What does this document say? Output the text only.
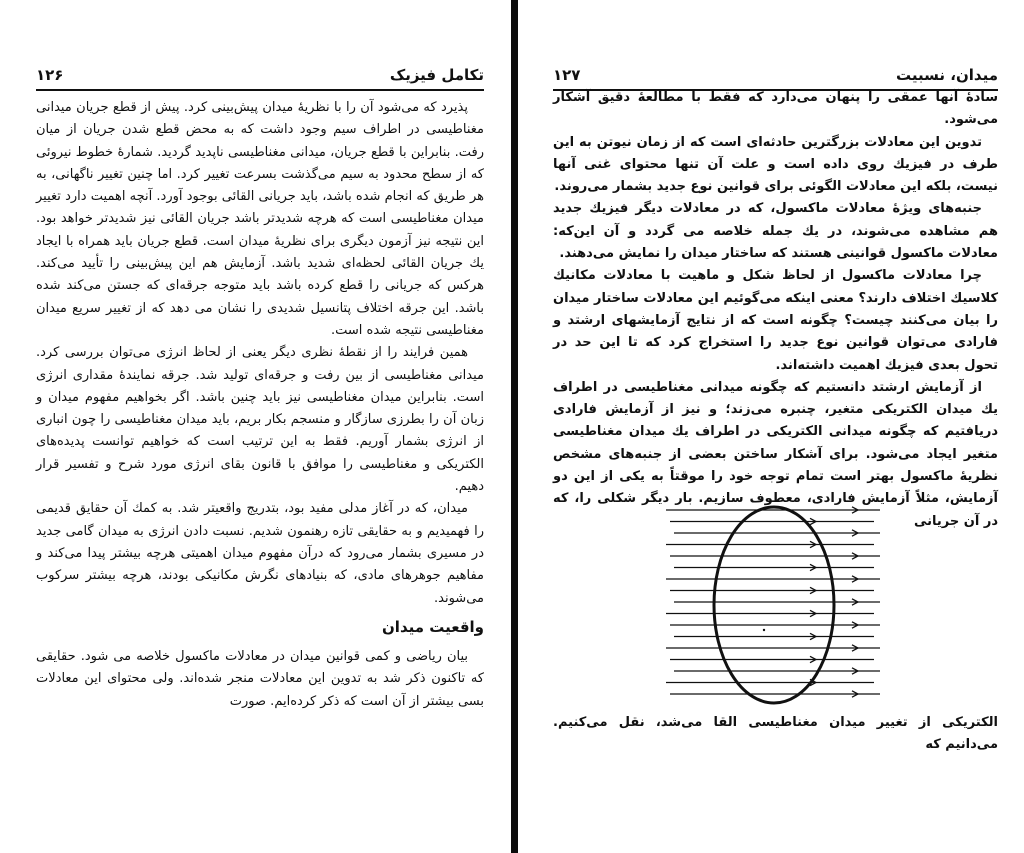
تکامل فیزیک
۱۲۶

پذیرد که می‌شود آن را با نظریهٔ میدان پیش‌بینی کرد. پیش از قطع جریان میدانی مغناطیسی در اطراف سیم وجود داشت که به محض قطع شدن جریان از میان رفت. بنابراین با قطع جریان، میدانی مغناطیسی ناپدید گردید. شمارهٔ خطوط نیروئی که از سطح محدود به سیم می‌گذشت بسرعت تغییر کرد. اما چنین تغییر ناگهانی، به هر طریق که انجام شده باشد، باید جریانی القائی بوجود آورد. آنچه اهمیت دارد تغییر میدان مغناطیسی است که هرچه شدیدتر باشد جریان القائی نیز شدیدتر خواهد بود. این نتیجه نیز آزمون دیگری برای نظریهٔ میدان است. قطع جریان باید همراه با ایجاد یك جریان القائی لحظه‌ای شدید باشد. آزمایش هم این پیش‌بینی را تأیید می‌کند. هرکس که جریانی را قطع کرده باشد باید متوجه جرقه‌ای که جستن می‌کند شده باشد. این جرقه اختلاف پتانسیل شدیدی را نشان می دهد که از تغییر سریع میدان مغناطیسی نتیجه شده است.

همین فرایند را از نقطهٔ نظری دیگر یعنی از لحاظ انرژی می‌توان بررسی کرد. میدانی مغناطیسی از بین رفت و جرقه‌ای تولید شد. جرقه نمایندهٔ مقداری انرژی است. بنابراین میدان مغناطیسی نیز باید چنین باشد. اگر بخواهیم مفهوم میدان و زبان آن را بطرزی سازگار و منسجم بکار بریم، باید میدان مغناطیسی را چون انباری از انرژی بشمار آوریم. فقط به این ترتیب است که خواهیم توانست پدیده‌های الکتریکی و مغناطیسی را موافق با قانون بقای انرژی مورد شرح و تفسیر قرار دهیم.

میدان، که در آغاز مدلی مفید بود، بتدریج واقعیتر شد. به کمك آن حقایق قدیمی را فهمیدیم و به حقایقی تازه رهنمون شدیم. نسبت دادن انرژی به میدان گامی جدید در مسیری بشمار می‌رود که درآن مفهوم میدان اهمیتی هرچه بیشتر پیدا می‌کند و مفاهیم جوهرهای مادی، که بنیادهای نگرش مکانیکی بودند، هرچه بیشتر سرکوب می‌شوند.

واقعیت میدان

بیان ریاضی و کمی قوانین میدان در معادلات ماکسول خلاصه می شود. حقایقی که تاکنون ذکر شد به تدوین این معادلات منجر شده‌اند. ولی محتوای این معادلات بسی بیشتر از آن است که ذکر کرده‌ایم. صورت

میدان، نسبیت
۱۲۷

سادهٔ آنها عمقی را پنهان می‌دارد که فقط با مطالعهٔ دقیق آشکار می‌شود.

تدوین این معادلات بزرگترین حادثه‌ای است که از زمان نیوتن به این طرف در فیزیك روی داده است و علت آن تنها محتوای غنی آنها نیست، بلکه این معادلات الگوئی برای قوانین نوع جدید بشمار می‌روند.

جنبه‌های ویژهٔ معادلات ماکسول، که در معادلات دیگر فیزیك جدید هم مشاهده می‌شوند، در یك جمله خلاصه می گردد و آن این‌که: معادلات ماکسول قوانینی هستند که ساختار میدان را نمایش می‌دهند.

چرا معادلات ماکسول از لحاظ شکل و ماهیت با معادلات مکانیك کلاسیك اختلاف دارند؟ معنی اینکه می‌گوئیم این معادلات ساختار میدان را بیان می‌کنند چیست؟ چگونه است که از نتایج آزمایشهای ارشتد و فارادی می‌توان قوانین نوع جدید را استخراج کرد که تا این حد در تحول بعدی فیزیك اهمیت داشته‌اند.

از آزمایش ارشتد دانستیم که چگونه میدانی مغناطیسی در اطراف یك میدان الکتریکی متغیر، چنبره می‌زند؛ و نیز از آزمایش فارادی دریافتیم که چگونه میدانی الکتریکی در اطراف یك میدان مغناطیسی متغیر ایجاد می‌شود. برای آشکار ساختن بعضی از جنبه‌های مشخص نظریهٔ ماکسول بهتر است تمام توجه خود را موقتاً به یکی از این دو آزمایش، مثلاً آزمایش فارادی، معطوف سازیم. بار دیگر شکلی را، که در آن جریانی

الکتریکی از تغییر میدان مغناطیسی القا می‌شد، نقل می‌کنیم. می‌دانیم که
